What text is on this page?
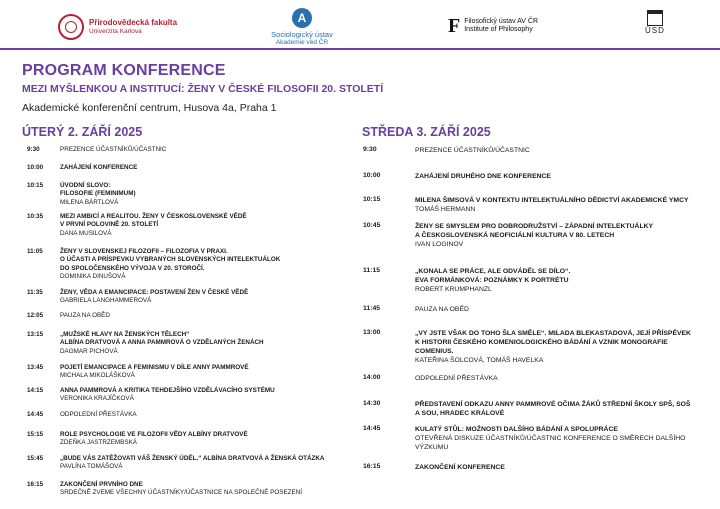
Přírodovědecká fakulta
Univerzita Karlova
A
Sociologický ústav
Akademie věd ČR
F Filosofický ústav AV ČR
Institute of Philosophy	ÚSD
PROGRAM KONFERENCE
MEZI MYŠLENKOU A INSTITUCÍ: ŽENY V ČESKÉ FILOSOFII 20. STOLETÍ
Akademické konferenční centrum, Husova 4a, Praha 1
ÚTERÝ 2. ZÁŘÍ 2025	STŘEDA 3. ZÁŘÍ 2025
9:30	PREZENCE ÚČASTNÍKŮ/ÚČASTNIC
10:00	ZAHÁJENÍ KONFERENCE
10:15	ÚVODNÍ SLOVO:
FILOSOFIE (FEMINIMUM)
MILENA BÁRTLOVÁ
10:35	MEZI AMBICÍ A REALITOU. ŽENY V ČESKOSLOVENSKÉ VĚDĚ
V PRVNÍ POLOVINĚ 20. STOLETÍ
DANA MUSILOVÁ
11:05	ŽENY V SLOVENSKEJ FILOZOFII – FILOZOFIA V PRAXI.
O ÚČASTI A PRÍSPEVKU VYBRANÝCH SLOVENSKÝCH INTELEKTUÁLOK
DO SPOLOČENSKÉHO VÝVOJA V 20. STOROČÍ.
DOMINIKA DINUŠOVÁ
11:35	ŽENY, VĚDA A EMANCIPACE: POSTAVENÍ ŽEN V ČESKÉ VĚDĚ
GABRIELA LANGHAMMEROVÁ
12:05	PAUZA NA OBĚD
13:15	„MUŽSKÉ HLAVY NA ŽENSKÝCH TĚLECH“
ALBÍNA DRATVOVÁ A ANNA PAMMROVÁ O VZDĚLANÝCH ŽENÁCH
DAGMAR PICHOVÁ
13:45	POJETÍ EMANCIPACE A FEMINISMU V DÍLE ANNY PAMMROVÉ
MICHALA MIKOLÁŠKOVÁ
14:15	ANNA PAMMROVÁ A KRITIKA TEHDEJŠÍHO VZDĚLÁVACÍHO SYSTÉMU
VERONIKA KRAJÍČKOVÁ
14:45	ODPOLEDNÍ PŘESTÁVKA
15:15	ROLE PSYCHOLOGIE VE FILOZOFII VĚDY ALBÍNY DRATVOVÉ
ZDEŇKA JASTRZEMBSKÁ
15:45	„BUDE VÁS ZATĚŽOVATI VÁŠ ŽENSKÝ ÚDĚL.“ ALBÍNA DRATVOVÁ A ŽENSKÁ OTÁZKA
PAVLÍNA TOMÁŠOVÁ
16:15	ZAKONČENÍ PRVNÍHO DNE
SRDEČNĚ ZVEME VŠECHNY ÚČASTNÍKY/ÚČASTNICE NA SPOLEČNÉ POSEZENÍ
9:30	PREZENCE ÚČASTNÍKŮ/ÚČASTNIC
10:00	ZAHÁJENÍ DRUHÉHO DNE KONFERENCE
10:15	MILENA ŠIMSOVÁ V KONTEXTU INTELEKTUÁLNÍHO DĚDICTVÍ AKADEMICKÉ YMCY
TOMÁŠ HERMANN
10:45	ŽENY SE SMYSLEM PRO DOBRODRUŽSTVÍ – ZÁPADNÍ INTELEKTUÁLKY
A ČESKOSLOVENSKÁ NEOFICIÁLNÍ KULTURA V 80. LETECH
IVAN LOGINOV
11:15	„KONALA SE PRÁCE, ALE ODVÁDĚL SE DÍLO“.
EVA FORMÁNKOVÁ: POZNÁMKY K PORTRÉTU
ROBERT KRUMPHANZL
11:45	PAUZA NA OBĚD
13:00	„VY JSTE VŠAK DO TOHO ŠLA SMĚLE“. MILADA BLEKASTADOVÁ, JEJÍ PŘÍSPĚVEK
K HISTORII ČESKÉHO KOMENIOLOGICKÉHO BÁDÁNÍ A VZNIK MONOGRAFIE
COMENIUS.
KATEŘINA ŠOLCOVÁ, TOMÁŠ HAVELKA
14:00	ODPOLEDNÍ PŘESTÁVKA
14:30	PŘEDSTAVENÍ ODKAZU ANNY PAMMROVÉ OČIMA ŽÁKŮ STŘEDNÍ ŠKOLY SPŠ, SOŠ
A SOU, HRADEC KRÁLOVÉ
14:45	KULATÝ STŮL: MOŽNOSTI DALŠÍHO BÁDÁNÍ A SPOLUPRÁCE
OTEVŘENÁ DISKUZE ÚČASTNÍKŮ/ÚČASTNIC KONFERENCE O SMĚRECH DALŠÍHO
VÝZKUMU
16:15	ZAKONČENÍ KONFERENCE
